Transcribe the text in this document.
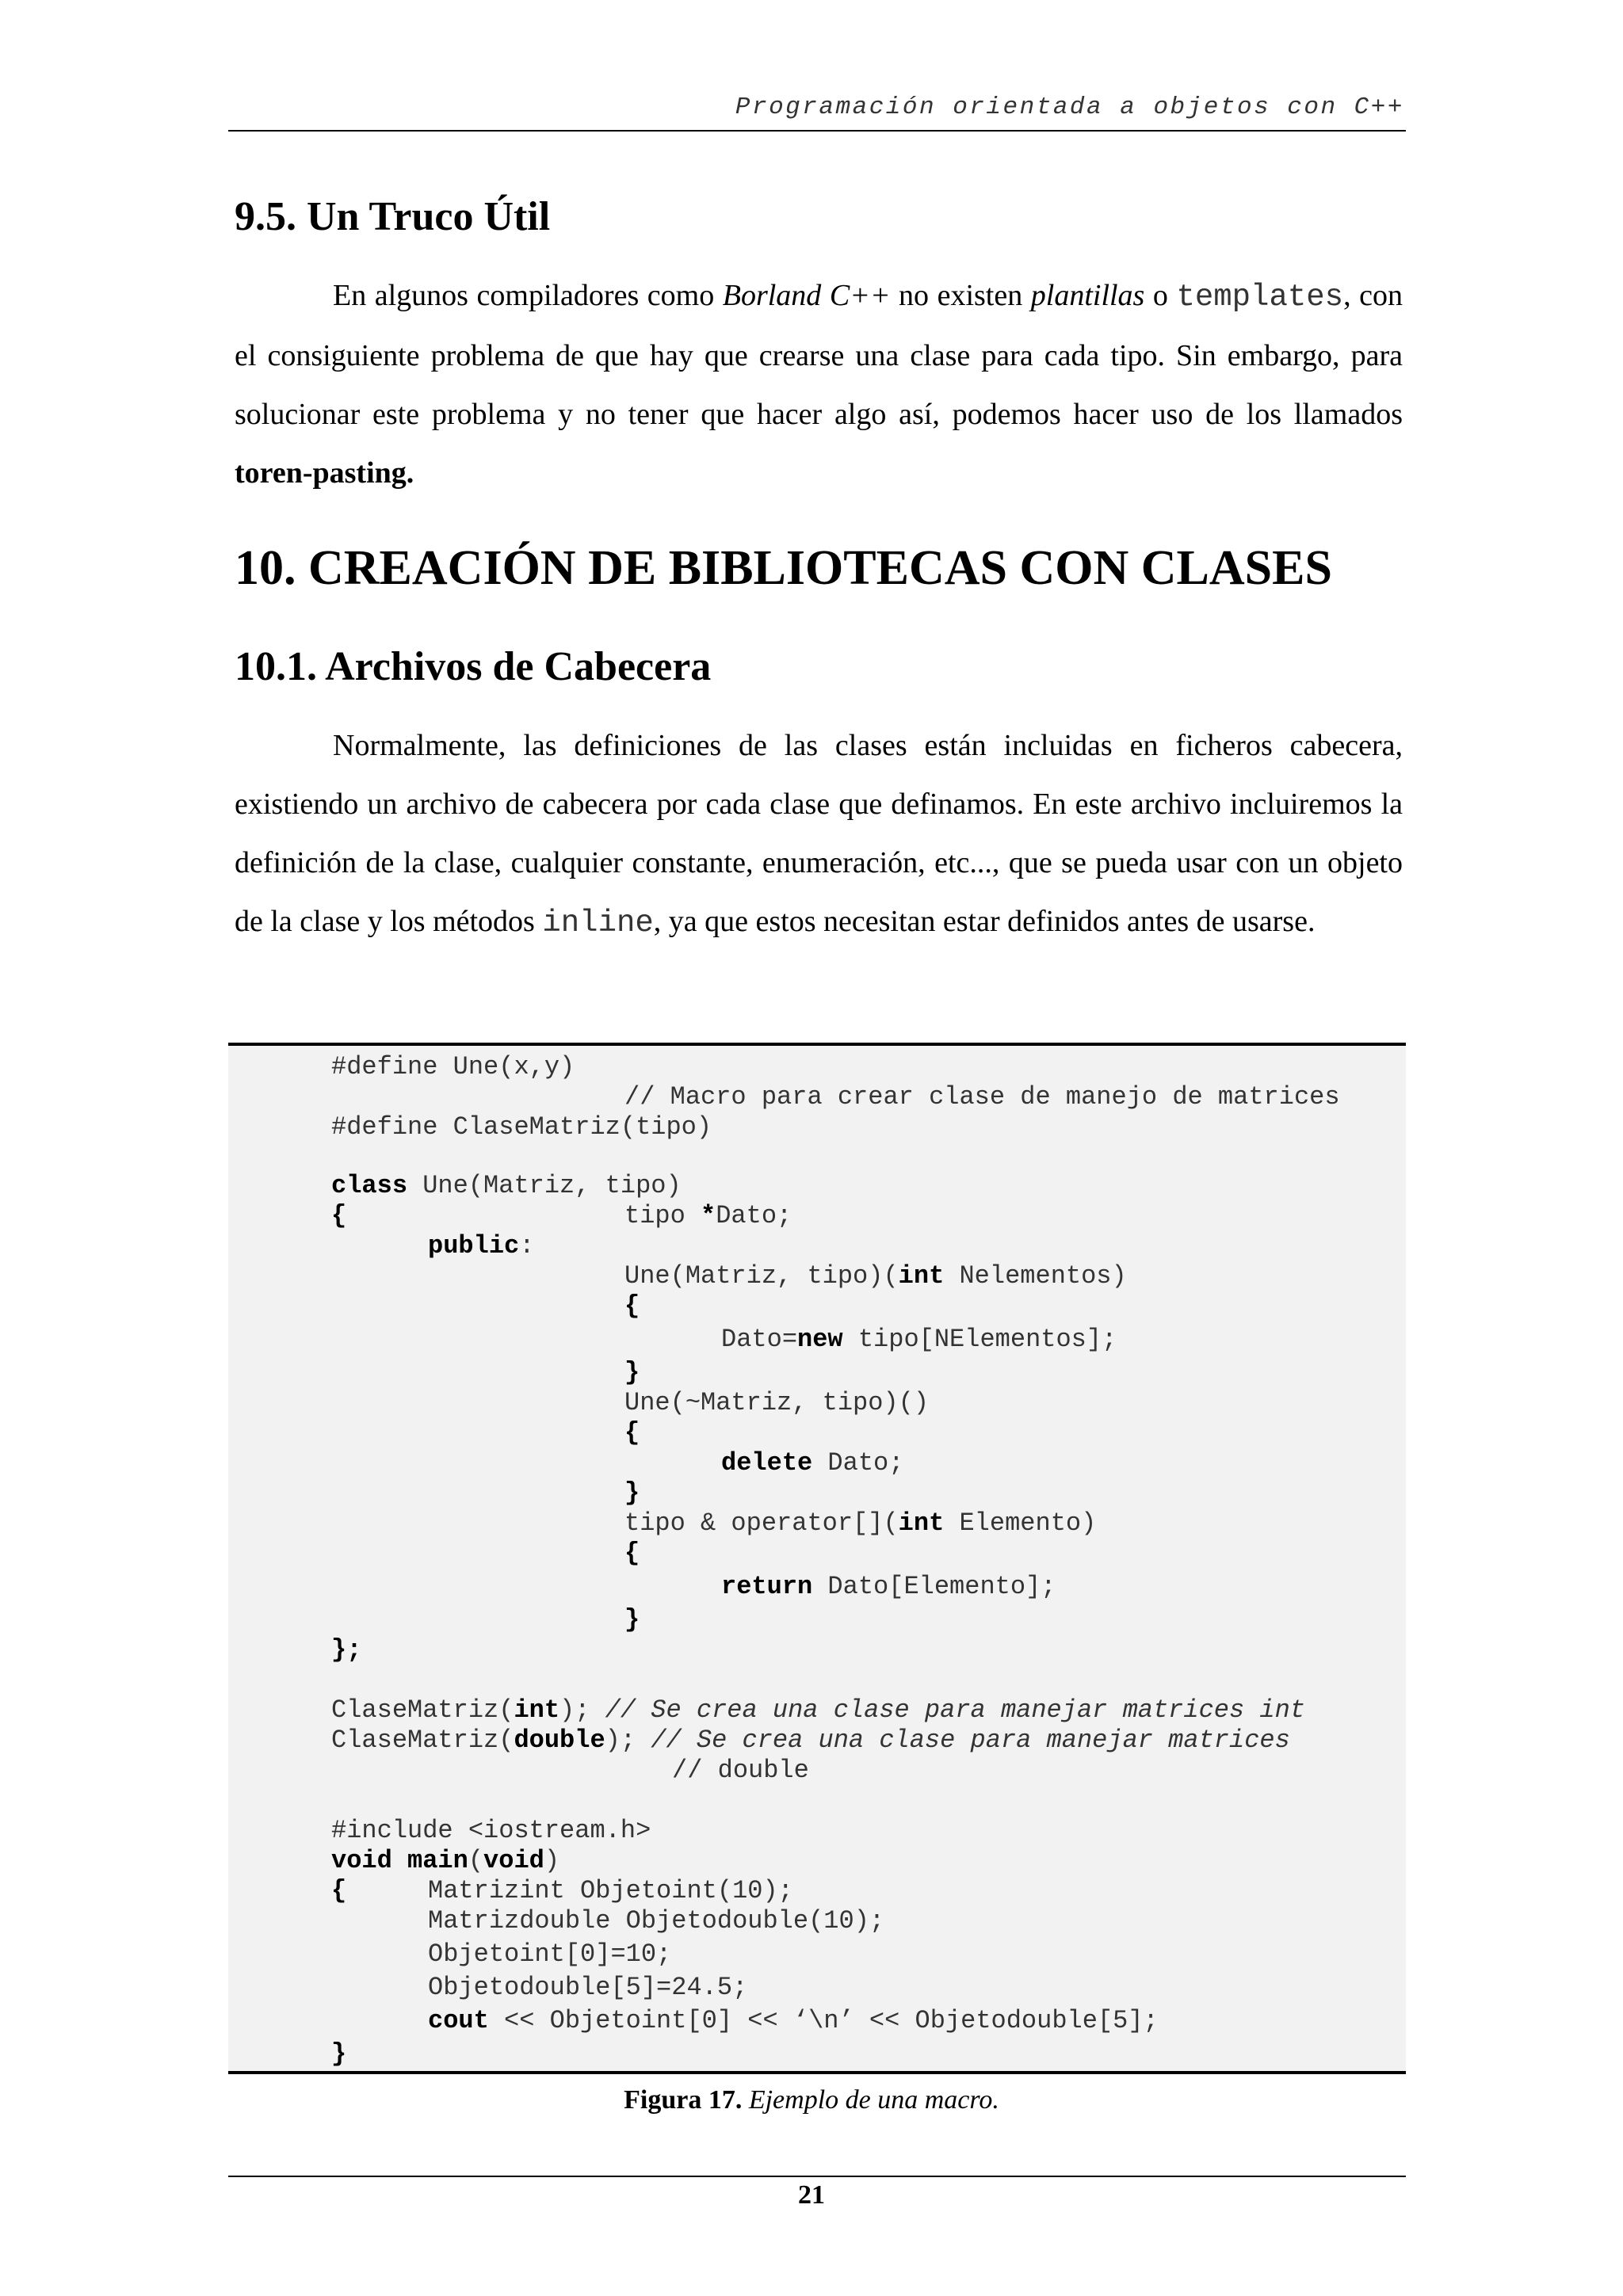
Programación orientada a objetos con C++
9.5. Un Truco Útil

En algunos compiladores como Borland C++ no existen plantillas o templates, con el consiguiente problema de que hay que crearse una clase para cada tipo. Sin embargo, para solucionar este problema y no tener que hacer algo así, podemos hacer uso de los llamados toren-pasting.

10. CREACIÓN DE BIBLIOTECAS CON CLASES
10.1. Archivos de Cabecera

Normalmente, las definiciones de las clases están incluidas en ficheros cabecera, existiendo un archivo de cabecera por cada clase que definamos. En este archivo incluiremos la definición de la clase, cualquier constante, enumeración, etc..., que se pueda usar con un objeto de la clase y los métodos inline, ya que estos necesitan estar definidos antes de usarse.

#define Une(x,y)
// Macro para crear clase de manejo de matrices
#define ClaseMatriz(tipo)
class Une(Matriz, tipo)
{	tipo *Dato;
public:
Une(Matriz, tipo)(int Nelementos)
{
Dato=new tipo[NElementos];
}
Une(~Matriz, tipo)()
{
delete Dato;
}
tipo & operator[](int Elemento)
{
return Dato[Elemento];
}
};
ClaseMatriz(int); // Se crea una clase para manejar matrices int
ClaseMatriz(double); // Se crea una clase para manejar matrices
// double
#include <iostream.h>
void main(void)
{	Matrizint Objetoint(10);
Matrizdouble Objetodouble(10);
Objetoint[0]=10;
Objetodouble[5]=24.5;
cout << Objetoint[0] << ‘\n’ << Objetodouble[5];
}
Figura 17. Ejemplo de una macro.
21
